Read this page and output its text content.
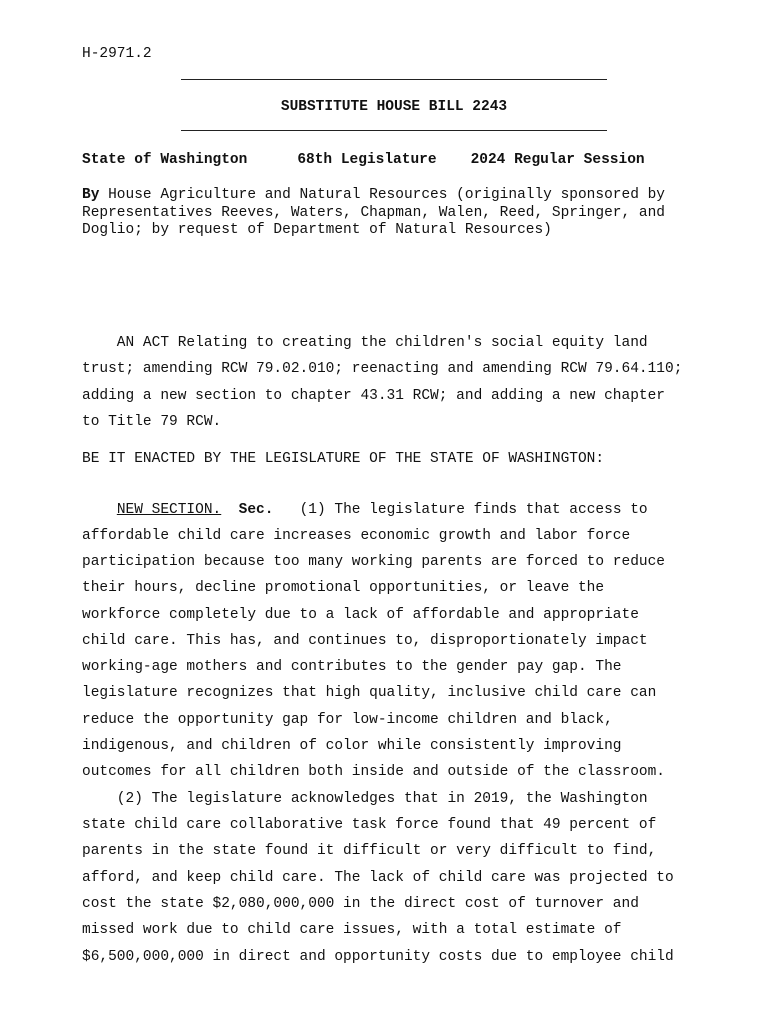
H-2971.2
SUBSTITUTE HOUSE BILL 2243
State of Washington	68th Legislature 2024 Regular Session
By House Agriculture and Natural Resources (originally sponsored by Representatives Reeves, Waters, Chapman, Walen, Reed, Springer, and Doglio; by request of Department of Natural Resources)
AN ACT Relating to creating the children's social equity land
trust; amending RCW 79.02.010; reenacting and amending RCW 79.64.110;
adding a new section to chapter 43.31 RCW; and adding a new chapter
to Title 79 RCW.
BE IT ENACTED BY THE LEGISLATURE OF THE STATE OF WASHINGTON:
NEW SECTION. Sec. (1) The legislature finds that access to
affordable child care increases economic growth and labor force
participation because too many working parents are forced to reduce
their hours, decline promotional opportunities, or leave the
workforce completely due to a lack of affordable and appropriate
child care. This has, and continues to, disproportionately impact
working-age mothers and contributes to the gender pay gap. The
legislature recognizes that high quality, inclusive child care can
reduce the opportunity gap for low-income children and black,
indigenous, and children of color while consistently improving
outcomes for all children both inside and outside of the classroom.
(2) The legislature acknowledges that in 2019, the Washington
state child care collaborative task force found that 49 percent of
parents in the state found it difficult or very difficult to find,
afford, and keep child care. The lack of child care was projected to
cost the state $2,080,000,000 in the direct cost of turnover and
missed work due to child care issues, with a total estimate of
$6,500,000,000 in direct and opportunity costs due to employee child
